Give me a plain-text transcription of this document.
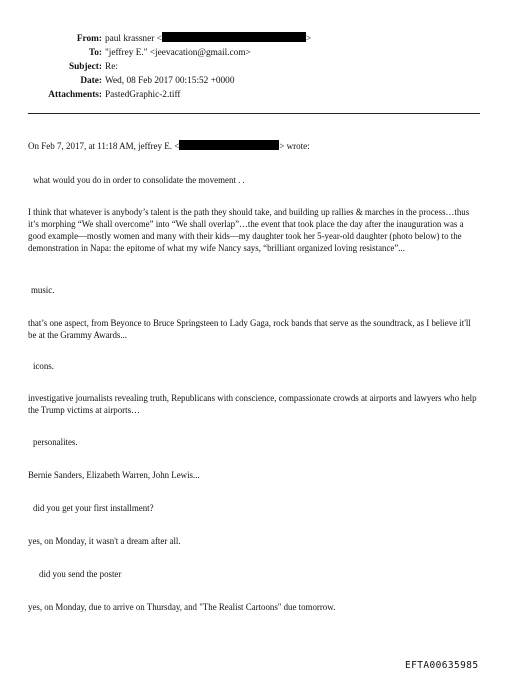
From: paul krassner <	>
To: "jeffrey E." <jeevacation@gmail.com>
Subject: Re:
Date: Wed, 08 Feb 2017 00:15:52 +0000
Attachments: PastedGraphic-2.tiff
On Feb 7, 2017, at 11:18 AM, jeffrey E. <	> wrote:

what would you do in order to consolidate the movement . .

I think that whatever is anybody’s talent is the path they should take, and building up rallies & marches in the process…thus it’s morphing “We shall overcome” into “We shall overlap”…the event that took place the day after the inauguration was a good example—mostly women and many with their kids—my daughter took her 5-year-old daughter (photo below) to the demonstration in Napa: the epitome of what my wife Nancy says, “brilliant organized loving resistance”...

music.

that’s one aspect, from Beyonce to Bruce Springsteen to Lady Gaga, rock bands that serve as the soundtrack, as I believe it'll be at the Grammy Awards...

icons.

investigative journalists revealing truth, Republicans with conscience, compassionate crowds at airports and lawyers who help the Trump victims at airports…

personalites.

Bernie Sanders, Elizabeth Warren, John Lewis...

did you get your first installment?

yes, on Monday, it wasn't a dream after all.

did you send the poster

yes, on Monday, due to arrive on Thursday, and "The Realist Cartoons" due tomorrow.

EFTA00635985
